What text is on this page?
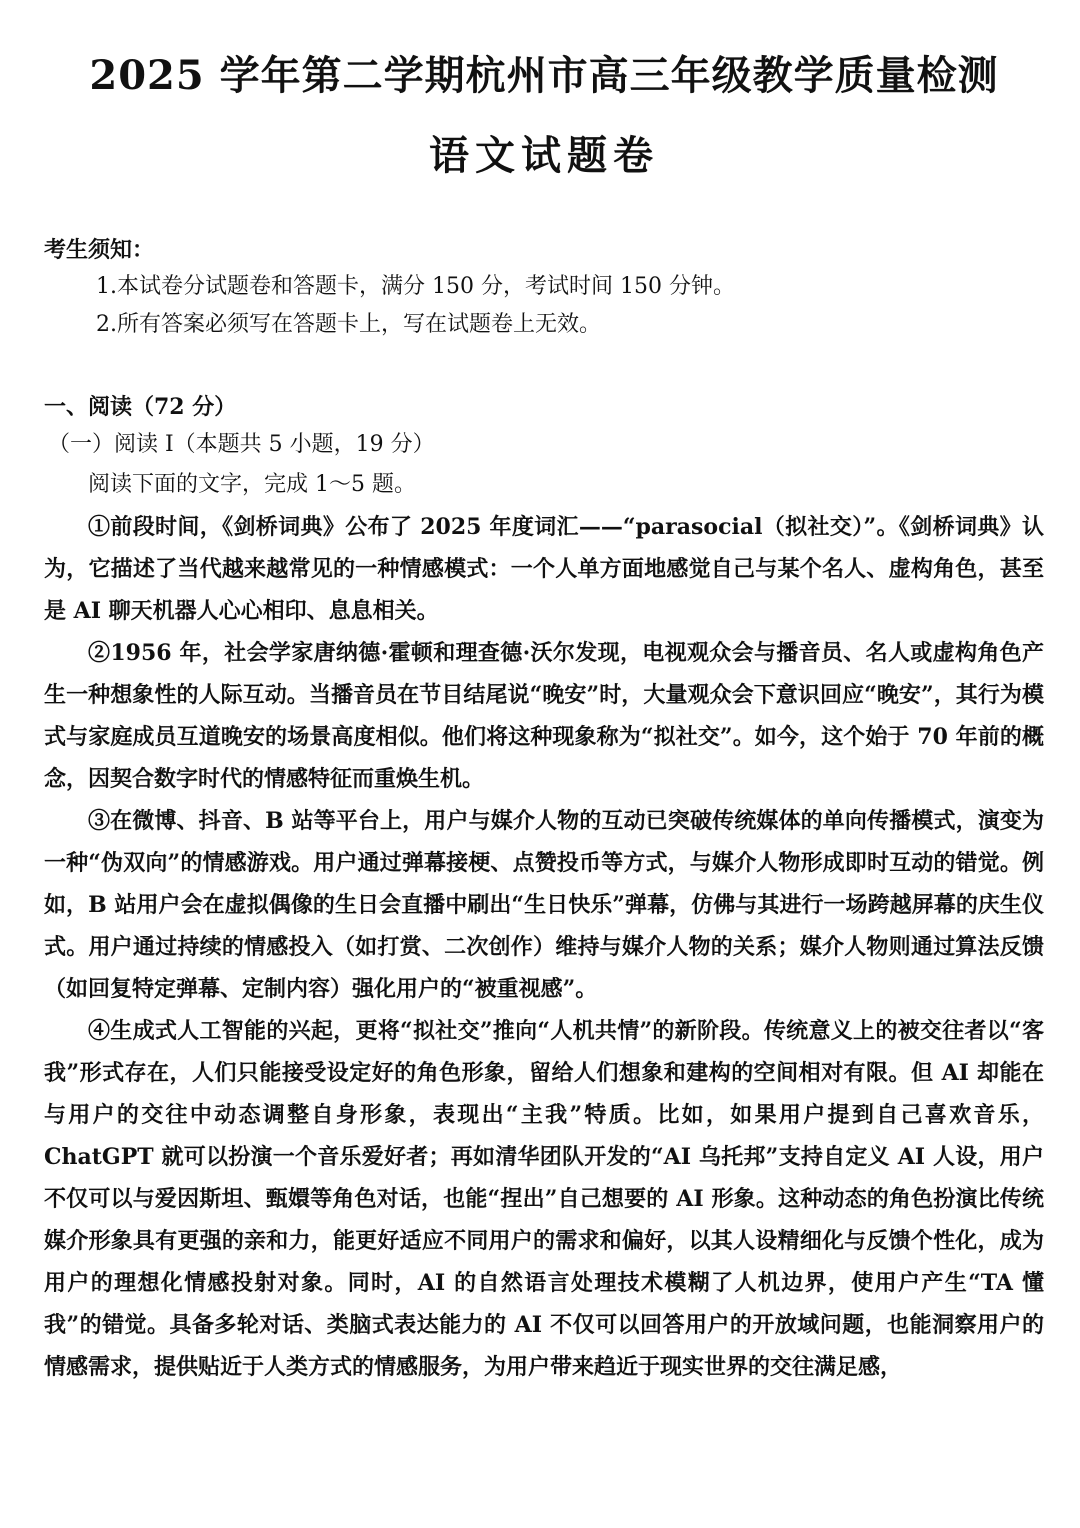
2025 学年第二学期杭州市高三年级教学质量检测
语文试题卷

考生须知：

1.本试卷分试题卷和答题卡，满分 150 分，考试时间 150 分钟。

2.所有答案必须写在答题卡上，写在试题卷上无效。

一、阅读（72 分）

（一）阅读 I（本题共 5 小题，19 分）

阅读下面的文字，完成 1～5 题。

①前段时间，《剑桥词典》公布了 2025 年度词汇——“parasocial（拟社交）”。《剑桥词典》认为，它描述了当代越来越常见的一种情感模式：一个人单方面地感觉自己与某个名人、虚构角色，甚至是 AI 聊天机器人心心相印、息息相关。

②1956 年，社会学家唐纳德·霍顿和理查德·沃尔发现，电视观众会与播音员、名人或虚构角色产生一种想象性的人际互动。当播音员在节目结尾说“晚安”时，大量观众会下意识回应“晚安”，其行为模式与家庭成员互道晚安的场景高度相似。他们将这种现象称为“拟社交”。如今，这个始于 70 年前的概念，因契合数字时代的情感特征而重焕生机。

③在微博、抖音、B 站等平台上，用户与媒介人物的互动已突破传统媒体的单向传播模式，演变为一种“伪双向”的情感游戏。用户通过弹幕接梗、点赞投币等方式，与媒介人物形成即时互动的错觉。例如，B 站用户会在虚拟偶像的生日会直播中刷出“生日快乐”弹幕，仿佛与其进行一场跨越屏幕的庆生仪式。用户通过持续的情感投入（如打赏、二次创作）维持与媒介人物的关系；媒介人物则通过算法反馈（如回复特定弹幕、定制内容）强化用户的“被重视感”。

④生成式人工智能的兴起，更将“拟社交”推向“人机共情”的新阶段。传统意义上的被交往者以“客我”形式存在，人们只能接受设定好的角色形象，留给人们想象和建构的空间相对有限。但 AI 却能在与用户的交往中动态调整自身形象，表现出“主我”特质。比如，如果用户提到自己喜欢音乐，ChatGPT 就可以扮演一个音乐爱好者；再如清华团队开发的“AI 乌托邦”支持自定义 AI 人设，用户不仅可以与爱因斯坦、甄嬛等角色对话，也能“捏出”自己想要的 AI 形象。这种动态的角色扮演比传统媒介形象具有更强的亲和力，能更好适应不同用户的需求和偏好，以其人设精细化与反馈个性化，成为用户的理想化情感投射对象。同时，AI 的自然语言处理技术模糊了人机边界，使用户产生“TA 懂我”的错觉。具备多轮对话、类脑式表达能力的 AI 不仅可以回答用户的开放域问题，也能洞察用户的情感需求，提供贴近于人类方式的情感服务，为用户带来趋近于现实世界的交往满足感，
